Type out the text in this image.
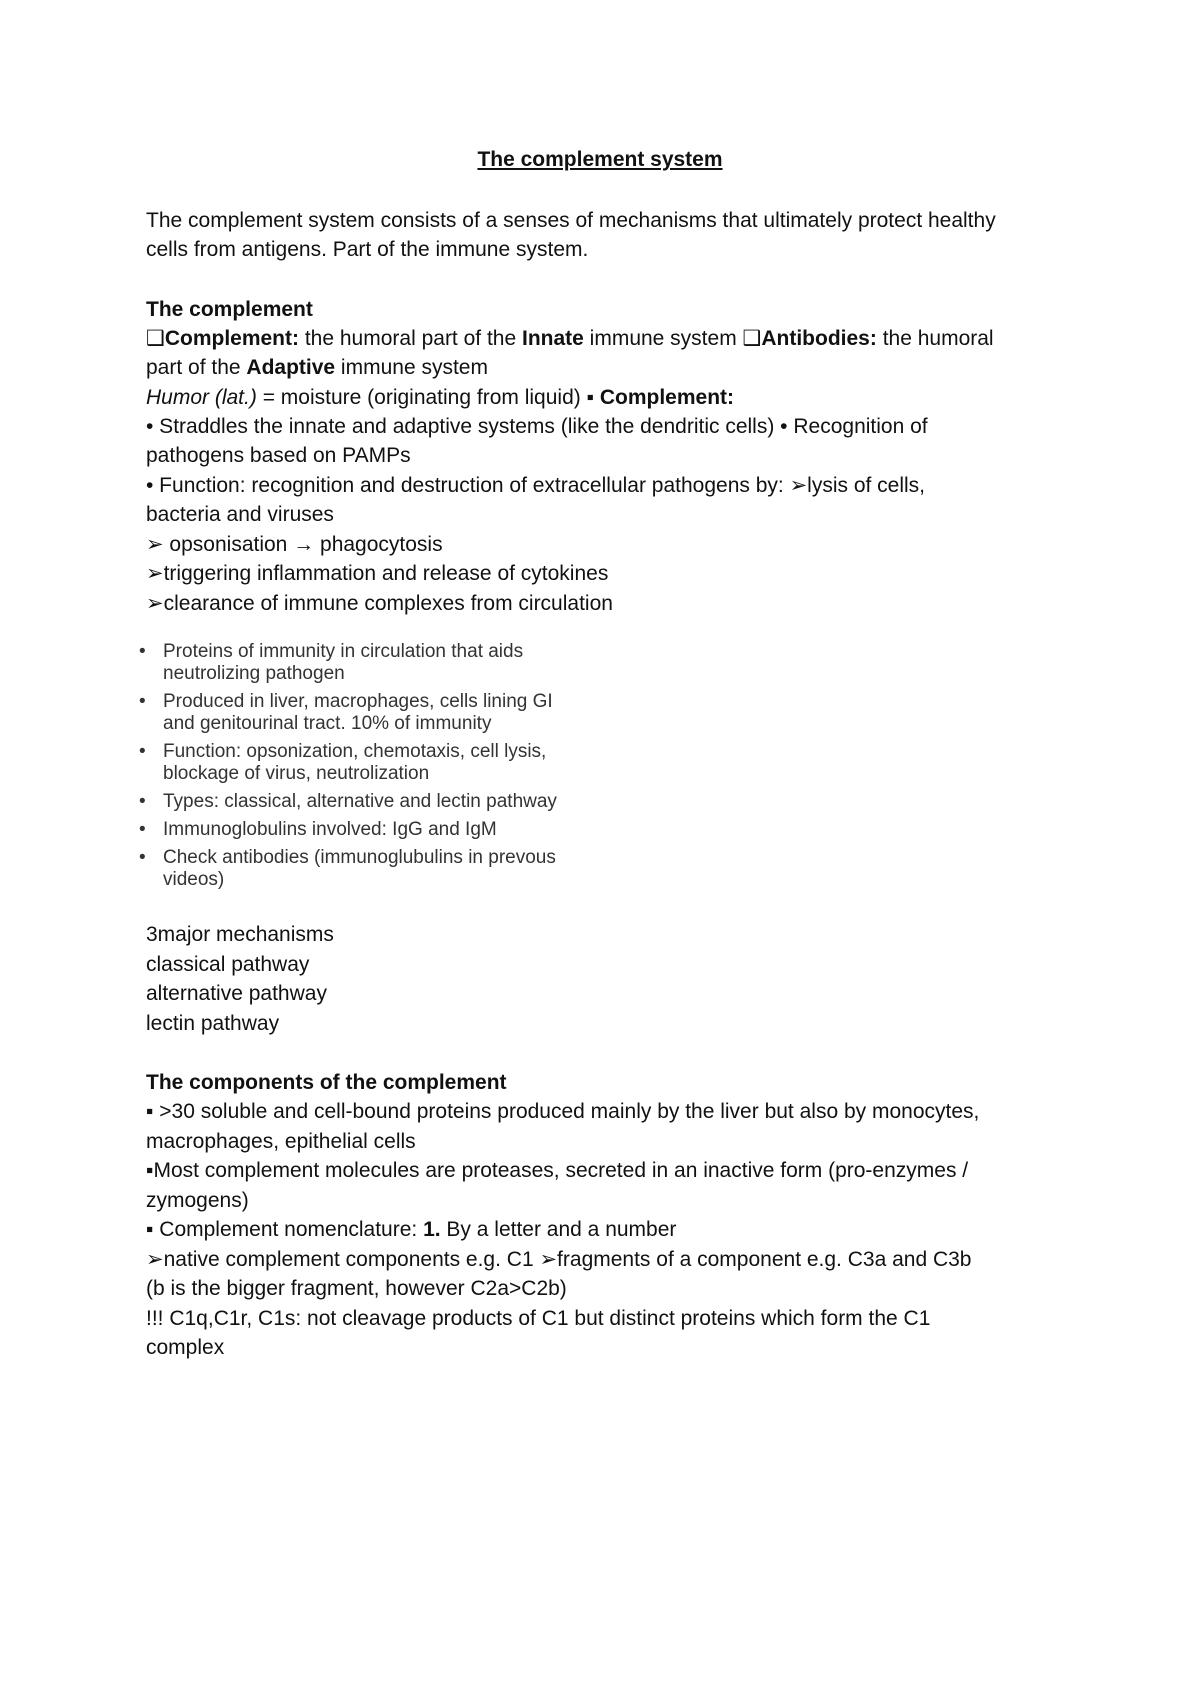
The complement system
The complement system consists of a senses of mechanisms that ultimately protect healthy
cells from antigens. Part of the immune system.
The complement
❑Complement: the humoral part of the Innate immune system ❑Antibodies: the humoral
part of the Adaptive immune system
Humor (lat.) = moisture (originating from liquid) ▪ Complement:
• Straddles the innate and adaptive systems (like the dendritic cells) • Recognition of
pathogens based on PAMPs
• Function: recognition and destruction of extracellular pathogens by: ➢lysis of cells,
bacteria and viruses
➢ opsonisation → phagocytosis
➢triggering inflammation and release of cytokines
➢clearance of immune complexes from circulation
• Proteins of immunity in circulation that aids
neutrolizing pathogen
• Produced in liver, macrophages, cells lining GI
and genitourinal tract. 10% of immunity
• Function: opsonization, chemotaxis, cell lysis,
blockage of virus, neutrolization
• Types: classical, alternative and lectin pathway
• Immunoglobulins involved: IgG and IgM
• Check antibodies (immunoglubulins in prevous
videos)
3major mechanisms
classical pathway
alternative pathway
lectin pathway
The components of the complement
▪ >30 soluble and cell-bound proteins produced mainly by the liver but also by monocytes,
macrophages, epithelial cells
▪Most complement molecules are proteases, secreted in an inactive form (pro-enzymes /
zymogens)
▪ Complement nomenclature: 1. By a letter and a number
➢native complement components e.g. C1 ➢fragments of a component e.g. C3a and C3b
(b is the bigger fragment, however C2a>C2b)
!!! C1q,C1r, C1s: not cleavage products of C1 but distinct proteins which form the C1
complex
